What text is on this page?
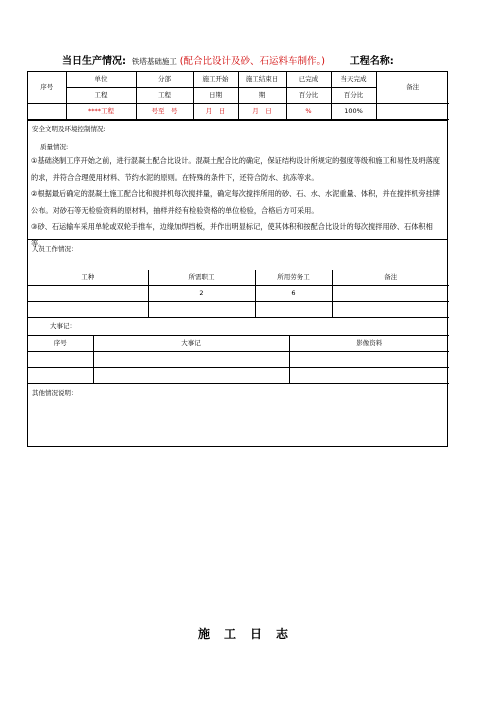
当日生产情况: 铁塔基础施工 (配合比设计及砂、石运料车制作。) 工程名称:
序号	单位	分部	施工开始	施工结束日	已完成	当天完成	备注
	工程	工程	日期	期	百分比	百分比	
	****工程	号至　号	月　日	月　日	%	100%	
安全文明及环境控制情况:
质量情况:

①基础浇制工序开始之前，进行混凝土配合比设计。混凝土配合比的确定，保证结构设计所规定的强度等级和施工和易性及坍落度的求，并符合合理使用材料、节约水泥的原则。在特殊的条件下，还符合防水、抗冻等求。

②根据最后确定的混凝土施工配合比和搅拌机每次搅拌量，确定每次搅拌所用的砂、石、水、水泥重量、体积，并在搅拌机旁挂牌公布。对砂石等无检验资料的原材料，抽样并经有检验资格的单位检验，合格后方可采用。

③砂、石运输车采用单轮或双轮手推车，边缘加焊挡板，并作出明显标记，使其体积和按配合比设计的每次搅拌用砂、石体积相等。

人员工作情况：
工种	所需职工	所用劳务工	备注
	2	6	

大事记：
序号	大事记	影像资料

其他情况说明：
施工日志
